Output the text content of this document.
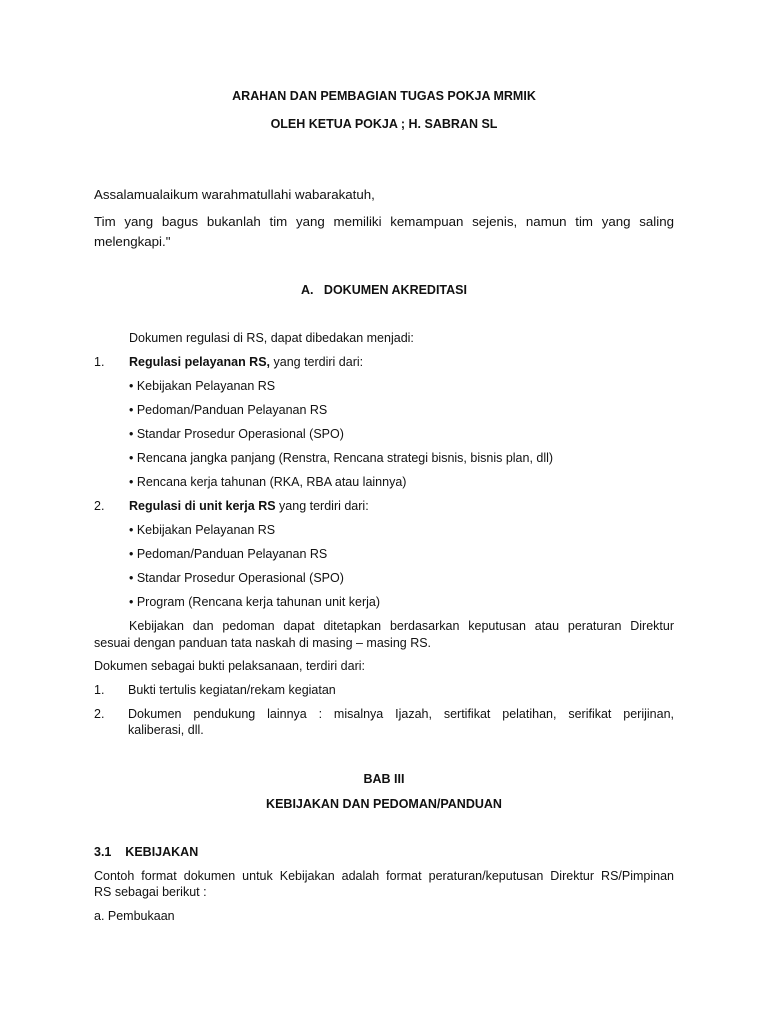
ARAHAN DAN PEMBAGIAN TUGAS POKJA MRMIK
OLEH KETUA POKJA ; H. SABRAN SL
Assalamualaikum warahmatullahi wabarakatuh,
Tim yang bagus bukanlah tim yang memiliki kemampuan sejenis, namun tim yang saling
melengkapi."
A. DOKUMEN AKREDITASI
Dokumen regulasi di RS, dapat dibedakan menjadi:
1. Regulasi pelayanan RS, yang terdiri dari:
• Kebijakan Pelayanan RS
• Pedoman/Panduan Pelayanan RS
• Standar Prosedur Operasional (SPO)
• Rencana jangka panjang (Renstra, Rencana strategi bisnis, bisnis plan, dll)
• Rencana kerja tahunan (RKA, RBA atau lainnya)
2. Regulasi di unit kerja RS yang terdiri dari:
• Kebijakan Pelayanan RS
• Pedoman/Panduan Pelayanan RS
• Standar Prosedur Operasional (SPO)
• Program (Rencana kerja tahunan unit kerja)
Kebijakan dan pedoman dapat ditetapkan berdasarkan keputusan atau peraturan Direktur
sesuai dengan panduan tata naskah di masing – masing RS.
Dokumen sebagai bukti pelaksanaan, terdiri dari:
1. Bukti tertulis kegiatan/rekam kegiatan
2. Dokumen pendukung lainnya : misalnya Ijazah, sertifikat pelatihan, serifikat perijinan,
kaliberasi, dll.
BAB III
KEBIJAKAN DAN PEDOMAN/PANDUAN
3.1 KEBIJAKAN
Contoh format dokumen untuk Kebijakan adalah format peraturan/keputusan Direktur RS/Pimpinan
RS sebagai berikut :
a. Pembukaan
